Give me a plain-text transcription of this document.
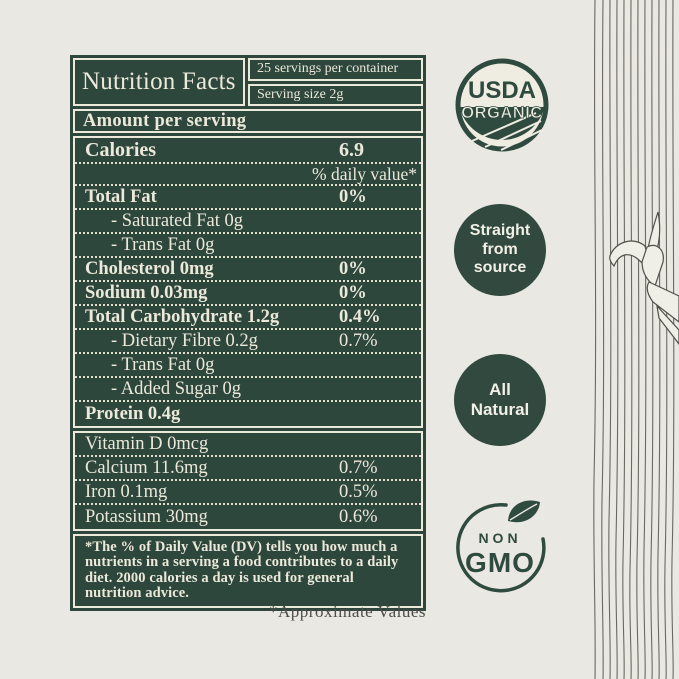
Nutrition Facts	25 servings per container
Serving size 2g
Amount per serving
Calories	6.9
% daily value*
Total Fat	0%
- Saturated Fat 0g
- Trans Fat 0g
Cholesterol 0mg	0%
Sodium 0.03mg	0%
Total Carbohydrate 1.2g	0.4%
- Dietary Fibre 0.2g	0.7%
- Trans Fat 0g
- Added Sugar 0g
Protein 0.4g
Vitamin D 0mcg
Calcium 11.6mg	0.7%
Iron 0.1mg	0.5%
Potassium 30mg	0.6%
*The % of Daily Value (DV) tells you how much a nutrients in a serving a food contributes to a daily diet. 2000 calories a day is used for general nutrition advice.
*Approximate Values
USDA
ORGANIC
Straight
from
source
All
Natural
NON
GMO
